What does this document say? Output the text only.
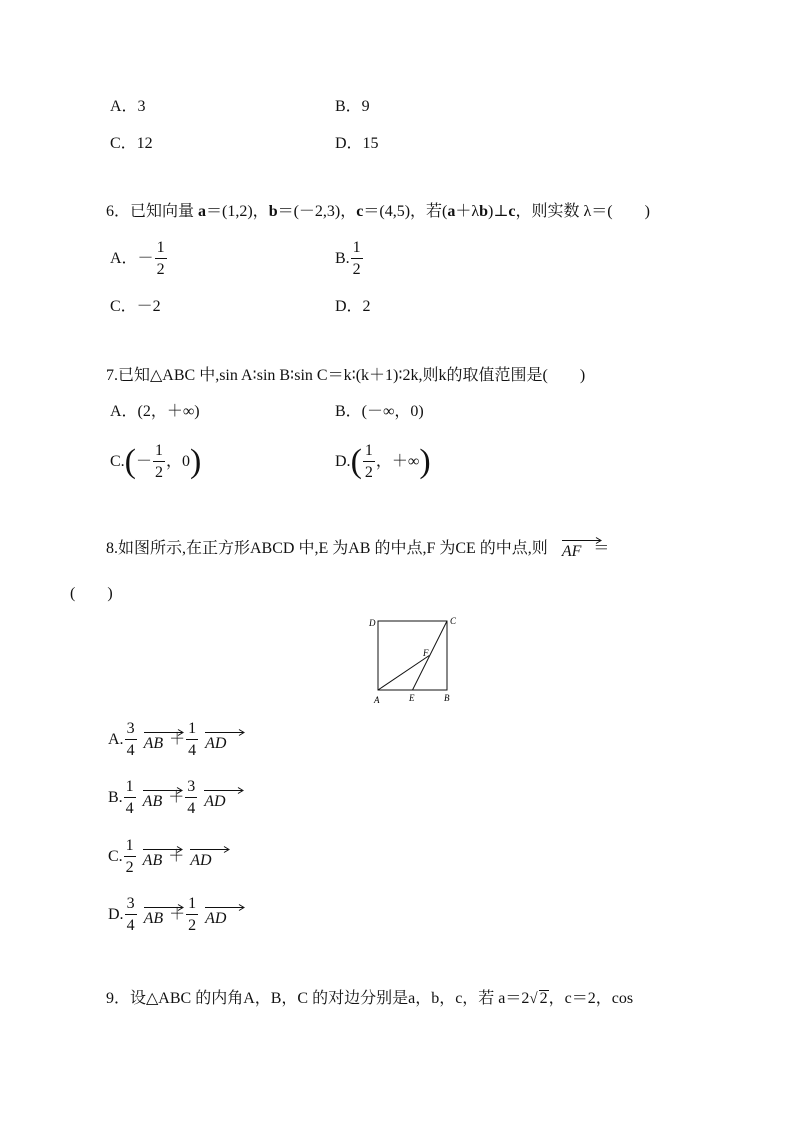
A．3	B．9
C．12	D．15
6．已知向量 a＝(1,2)，b＝(－2,3)，c＝(4,5)，若(a＋λb)⊥c，则实数 λ＝(　　)
A．－ $\frac{1}{2}$	B. $\frac{1}{2}$
C．－2	D．2
7.已知△ABC 中,sin A∶sin B∶sin C＝k∶(k＋1)∶2k,则k的取值范围是(　　)
A．(2，＋∞)	B．(－∞，0)
C. ( － $\frac{1}{2}$ ，0 )	D. ( $\frac{1}{2}$ ，＋∞ )
8.如图所示,在正方形ABCD 中,E 为AB 的中点,F 为CE 的中点,则 AF ＝
(　　)
D	C
F
A	E	B
A. $\frac{3}{4}$ AB ＋ $\frac{1}{4}$ AD
B. $\frac{1}{4}$ AB ＋ $\frac{3}{4}$ AD
C. $\frac{1}{2}$ AB ＋ AD
D. $\frac{3}{4}$ AB ＋ $\frac{1}{2}$ AD
9．设△ABC 的内角A，B，C 的对边分别是a，b，c，若 a＝2√ 2，c＝2，cos
